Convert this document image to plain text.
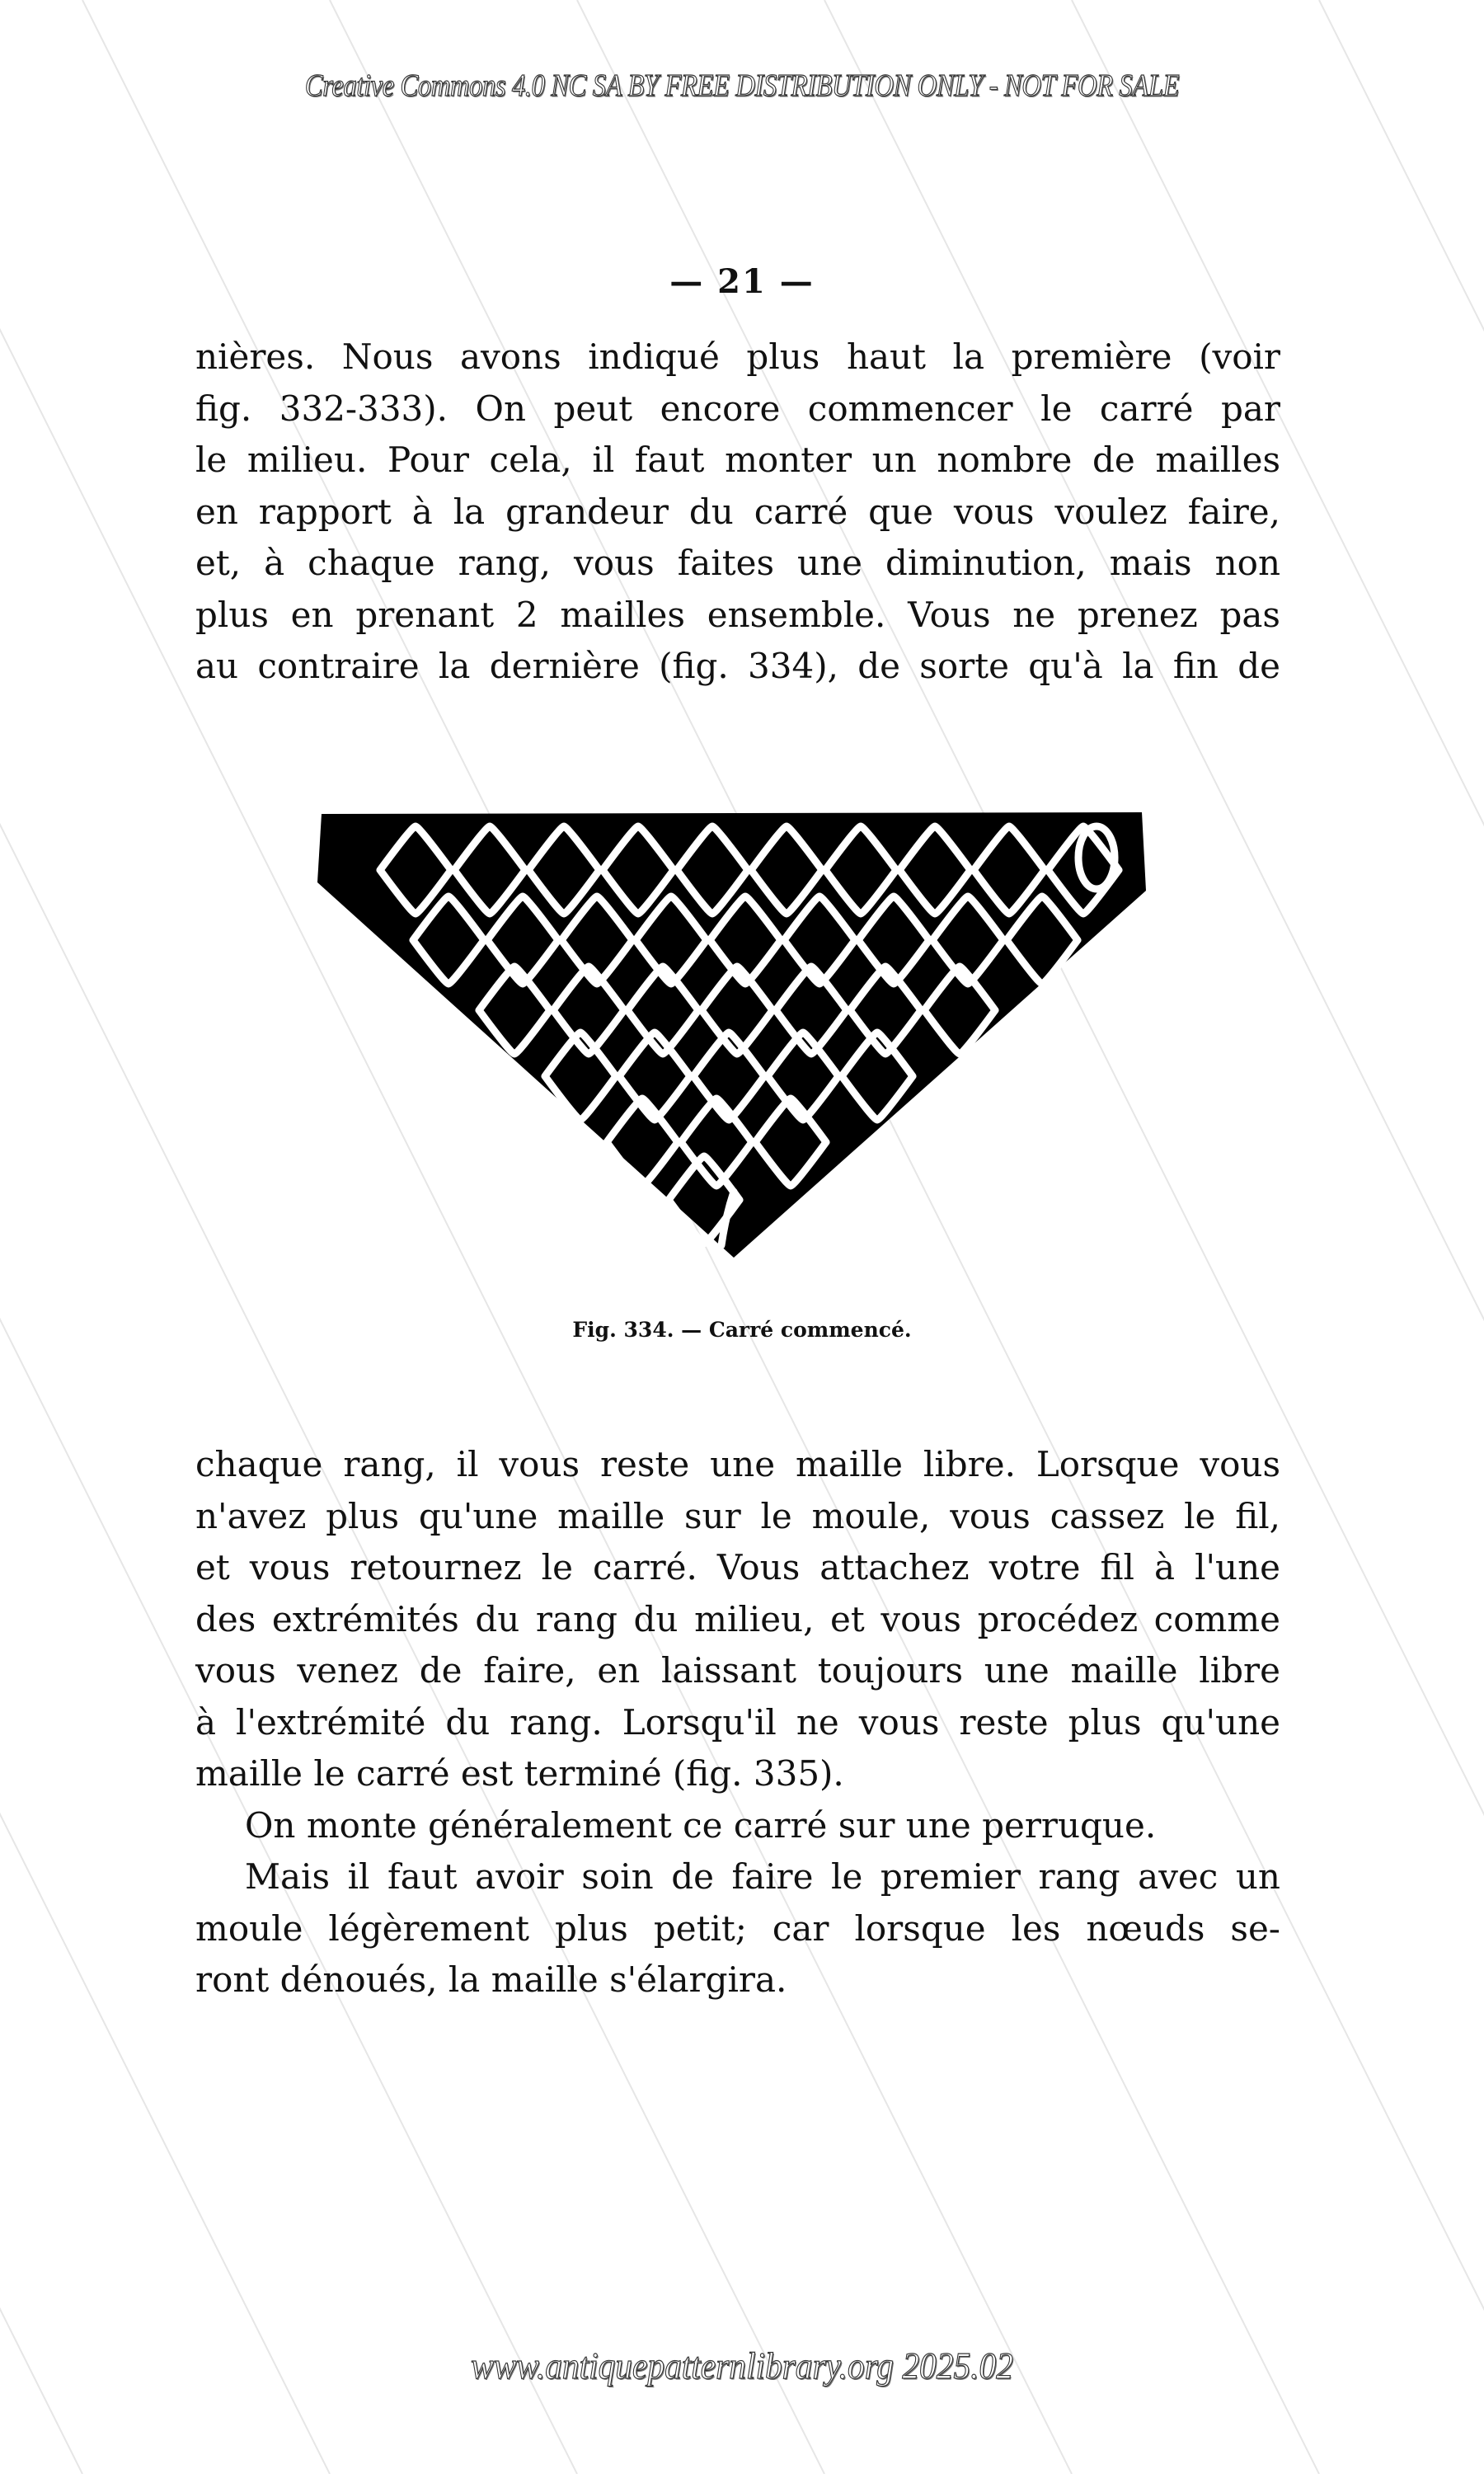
Creative Commons 4.0 NC SA BY FREE DISTRIBUTION ONLY - NOT FOR SALE
— 21 —
nières. Nous avons indiqué plus haut la première (voir
fig. 332-333). On peut encore commencer le carré par
le milieu. Pour cela, il faut monter un nombre de mailles
en rapport à la grandeur du carré que vous voulez faire,
et, à chaque rang, vous faites une diminution, mais non
plus en prenant 2 mailles ensemble. Vous ne prenez pas
au contraire la dernière (fig. 334), de sorte qu'à la fin de
Fig. 334. — Carré commencé.
chaque rang, il vous reste une maille libre. Lorsque vous
n'avez plus qu'une maille sur le moule, vous cassez le fil,
et vous retournez le carré. Vous attachez votre fil à l'une
des extrémités du rang du milieu, et vous procédez comme
vous venez de faire, en laissant toujours une maille libre
à l'extrémité du rang. Lorsqu'il ne vous reste plus qu'une
maille le carré est terminé (fig. 335).
On monte généralement ce carré sur une perruque.
Mais il faut avoir soin de faire le premier rang avec un
moule légèrement plus petit; car lorsque les nœuds se-
ront dénoués, la maille s'élargira.
www.antiquepatternlibrary.org 2025.02
